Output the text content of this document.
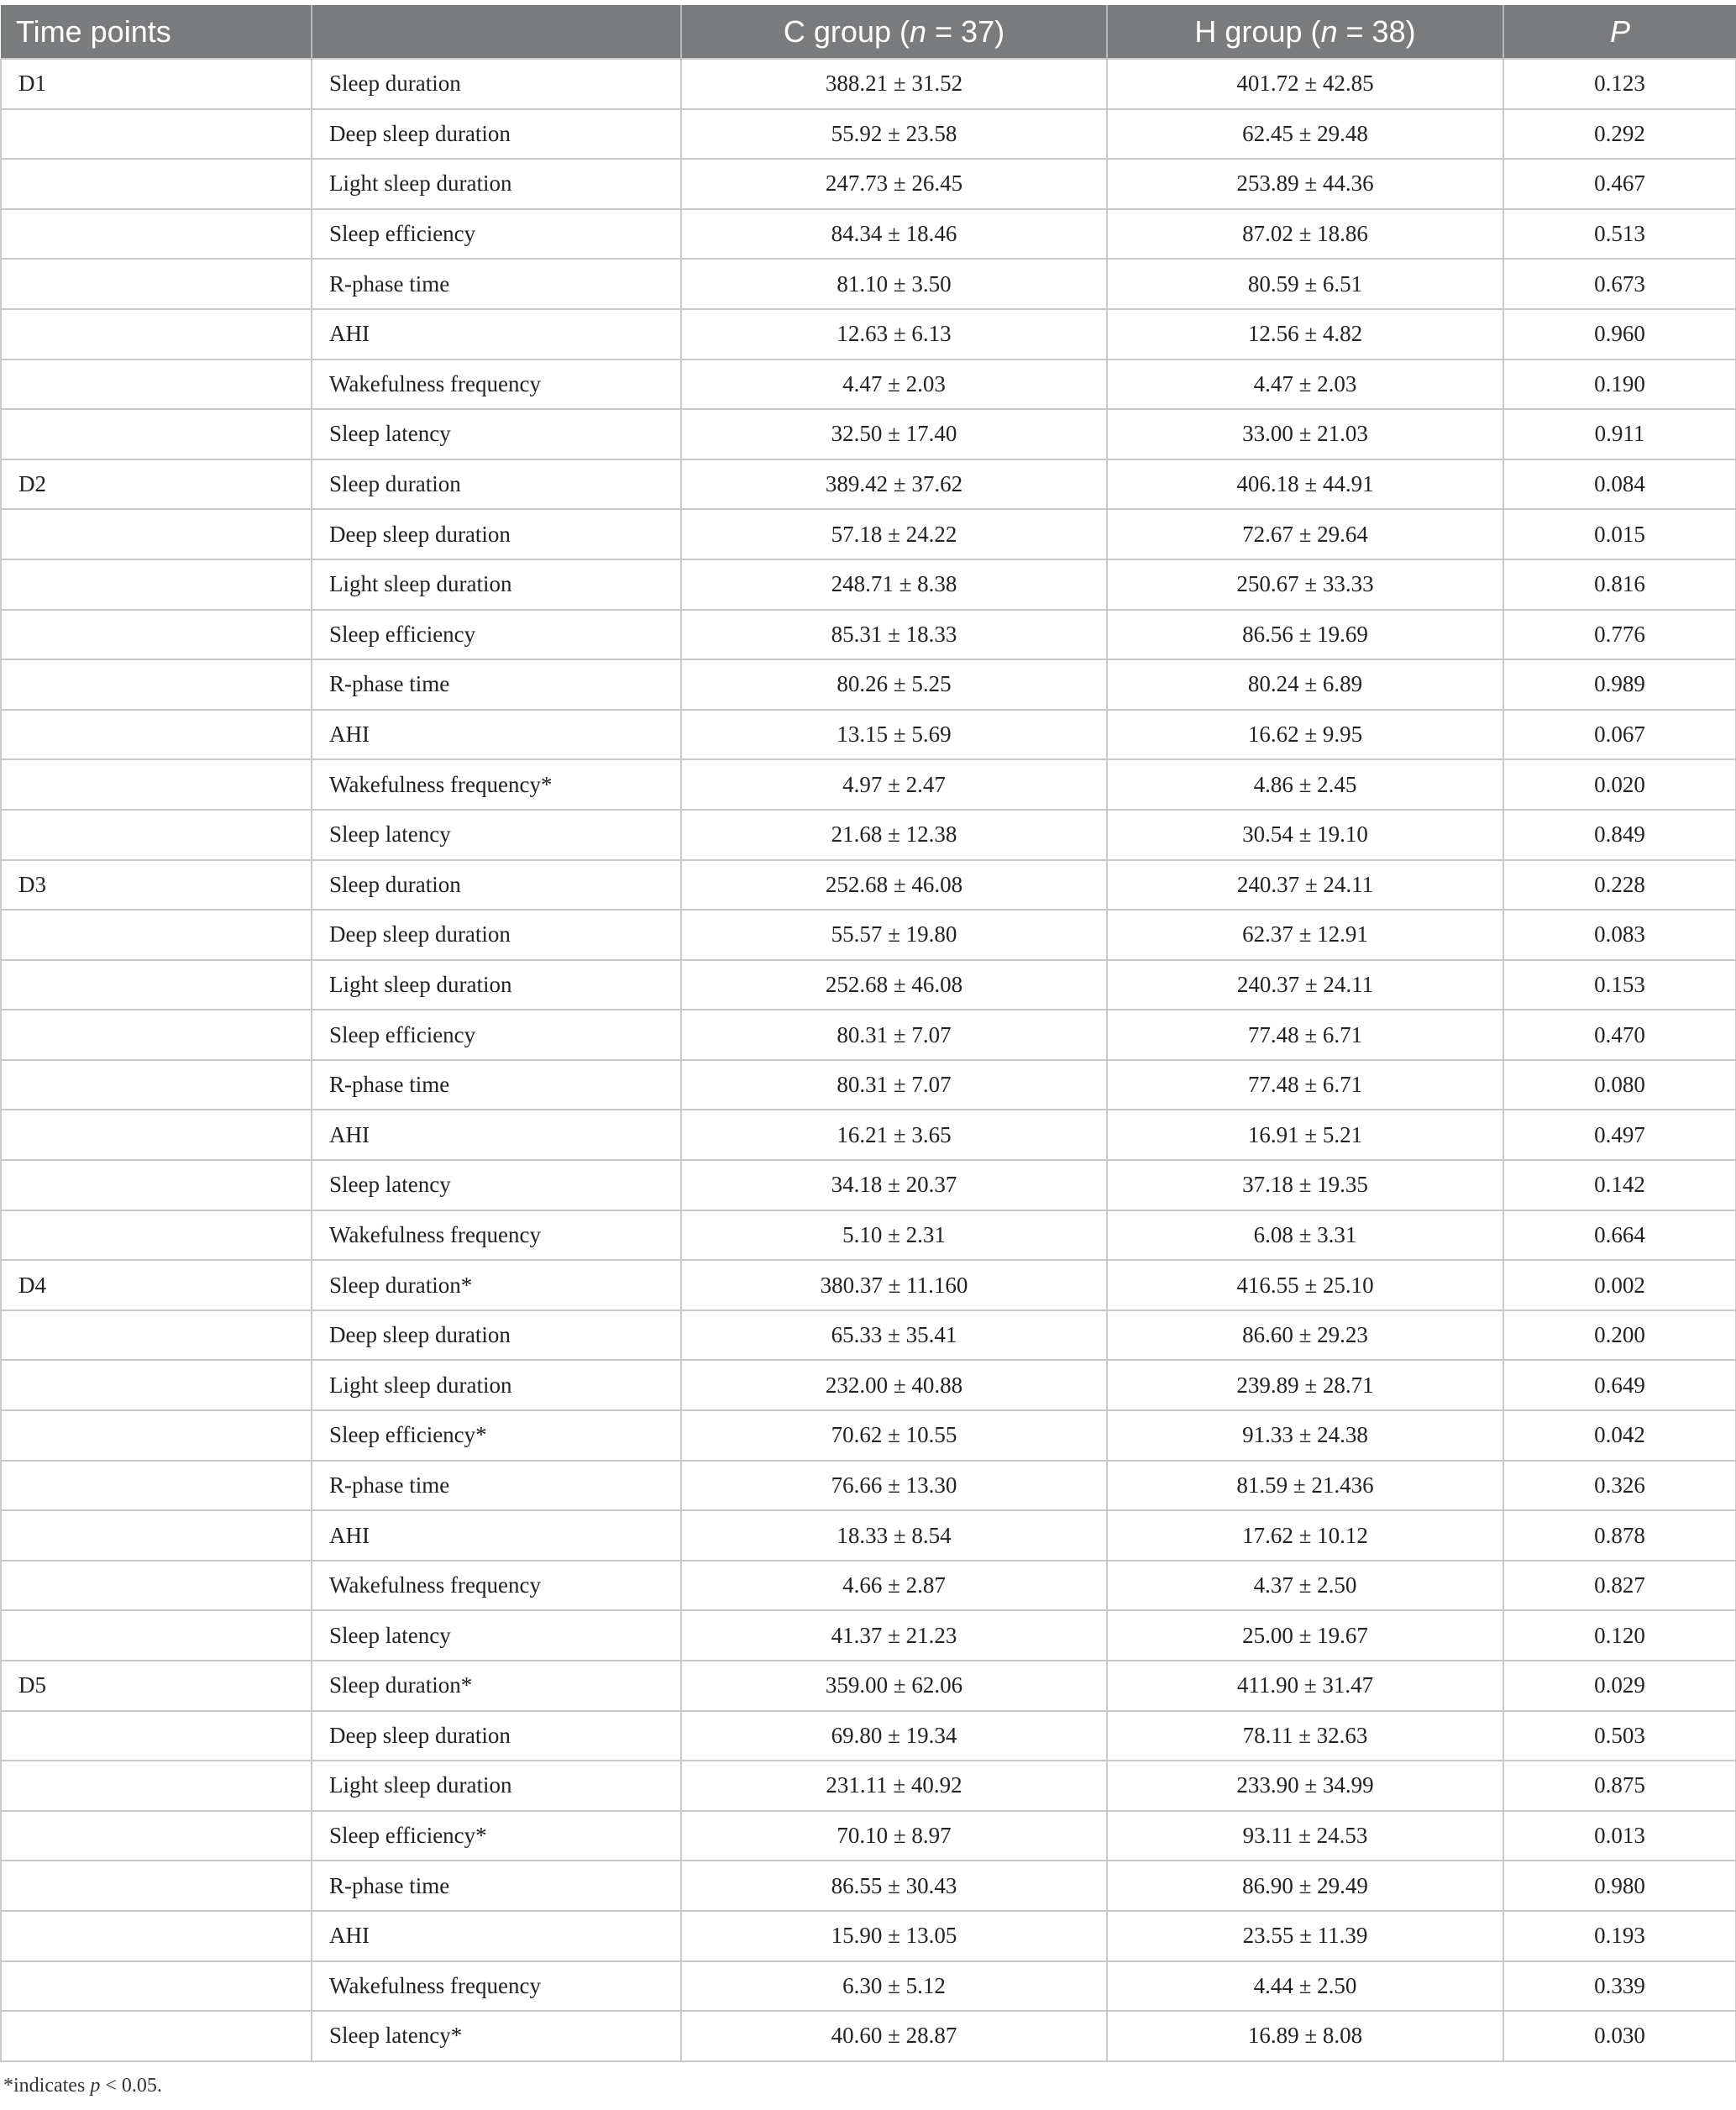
Time points		C group (n = 37)	H group (n = 38)	P
D1	Sleep duration	388.21 ± 31.52	401.72 ± 42.85	0.123
	Deep sleep duration	55.92 ± 23.58	62.45 ± 29.48	0.292
	Light sleep duration	247.73 ± 26.45	253.89 ± 44.36	0.467
	Sleep efficiency	84.34 ± 18.46	87.02 ± 18.86	0.513
	R-phase time	81.10 ± 3.50	80.59 ± 6.51	0.673
	AHI	12.63 ± 6.13	12.56 ± 4.82	0.960
	Wakefulness frequency	4.47 ± 2.03	4.47 ± 2.03	0.190
	Sleep latency	32.50 ± 17.40	33.00 ± 21.03	0.911
D2	Sleep duration	389.42 ± 37.62	406.18 ± 44.91	0.084
	Deep sleep duration	57.18 ± 24.22	72.67 ± 29.64	0.015
	Light sleep duration	248.71 ± 8.38	250.67 ± 33.33	0.816
	Sleep efficiency	85.31 ± 18.33	86.56 ± 19.69	0.776
	R-phase time	80.26 ± 5.25	80.24 ± 6.89	0.989
	AHI	13.15 ± 5.69	16.62 ± 9.95	0.067
	Wakefulness frequency*	4.97 ± 2.47	4.86 ± 2.45	0.020
	Sleep latency	21.68 ± 12.38	30.54 ± 19.10	0.849
D3	Sleep duration	252.68 ± 46.08	240.37 ± 24.11	0.228
	Deep sleep duration	55.57 ± 19.80	62.37 ± 12.91	0.083
	Light sleep duration	252.68 ± 46.08	240.37 ± 24.11	0.153
	Sleep efficiency	80.31 ± 7.07	77.48 ± 6.71	0.470
	R-phase time	80.31 ± 7.07	77.48 ± 6.71	0.080
	AHI	16.21 ± 3.65	16.91 ± 5.21	0.497
	Sleep latency	34.18 ± 20.37	37.18 ± 19.35	0.142
	Wakefulness frequency	5.10 ± 2.31	6.08 ± 3.31	0.664
D4	Sleep duration*	380.37 ± 11.160	416.55 ± 25.10	0.002
	Deep sleep duration	65.33 ± 35.41	86.60 ± 29.23	0.200
	Light sleep duration	232.00 ± 40.88	239.89 ± 28.71	0.649
	Sleep efficiency*	70.62 ± 10.55	91.33 ± 24.38	0.042
	R-phase time	76.66 ± 13.30	81.59 ± 21.436	0.326
	AHI	18.33 ± 8.54	17.62 ± 10.12	0.878
	Wakefulness frequency	4.66 ± 2.87	4.37 ± 2.50	0.827
	Sleep latency	41.37 ± 21.23	25.00 ± 19.67	0.120
D5	Sleep duration*	359.00 ± 62.06	411.90 ± 31.47	0.029
	Deep sleep duration	69.80 ± 19.34	78.11 ± 32.63	0.503
	Light sleep duration	231.11 ± 40.92	233.90 ± 34.99	0.875
	Sleep efficiency*	70.10 ± 8.97	93.11 ± 24.53	0.013
	R-phase time	86.55 ± 30.43	86.90 ± 29.49	0.980
	AHI	15.90 ± 13.05	23.55 ± 11.39	0.193
	Wakefulness frequency	6.30 ± 5.12	4.44 ± 2.50	0.339
	Sleep latency*	40.60 ± 28.87	16.89 ± 8.08	0.030
*indicates p < 0.05.
